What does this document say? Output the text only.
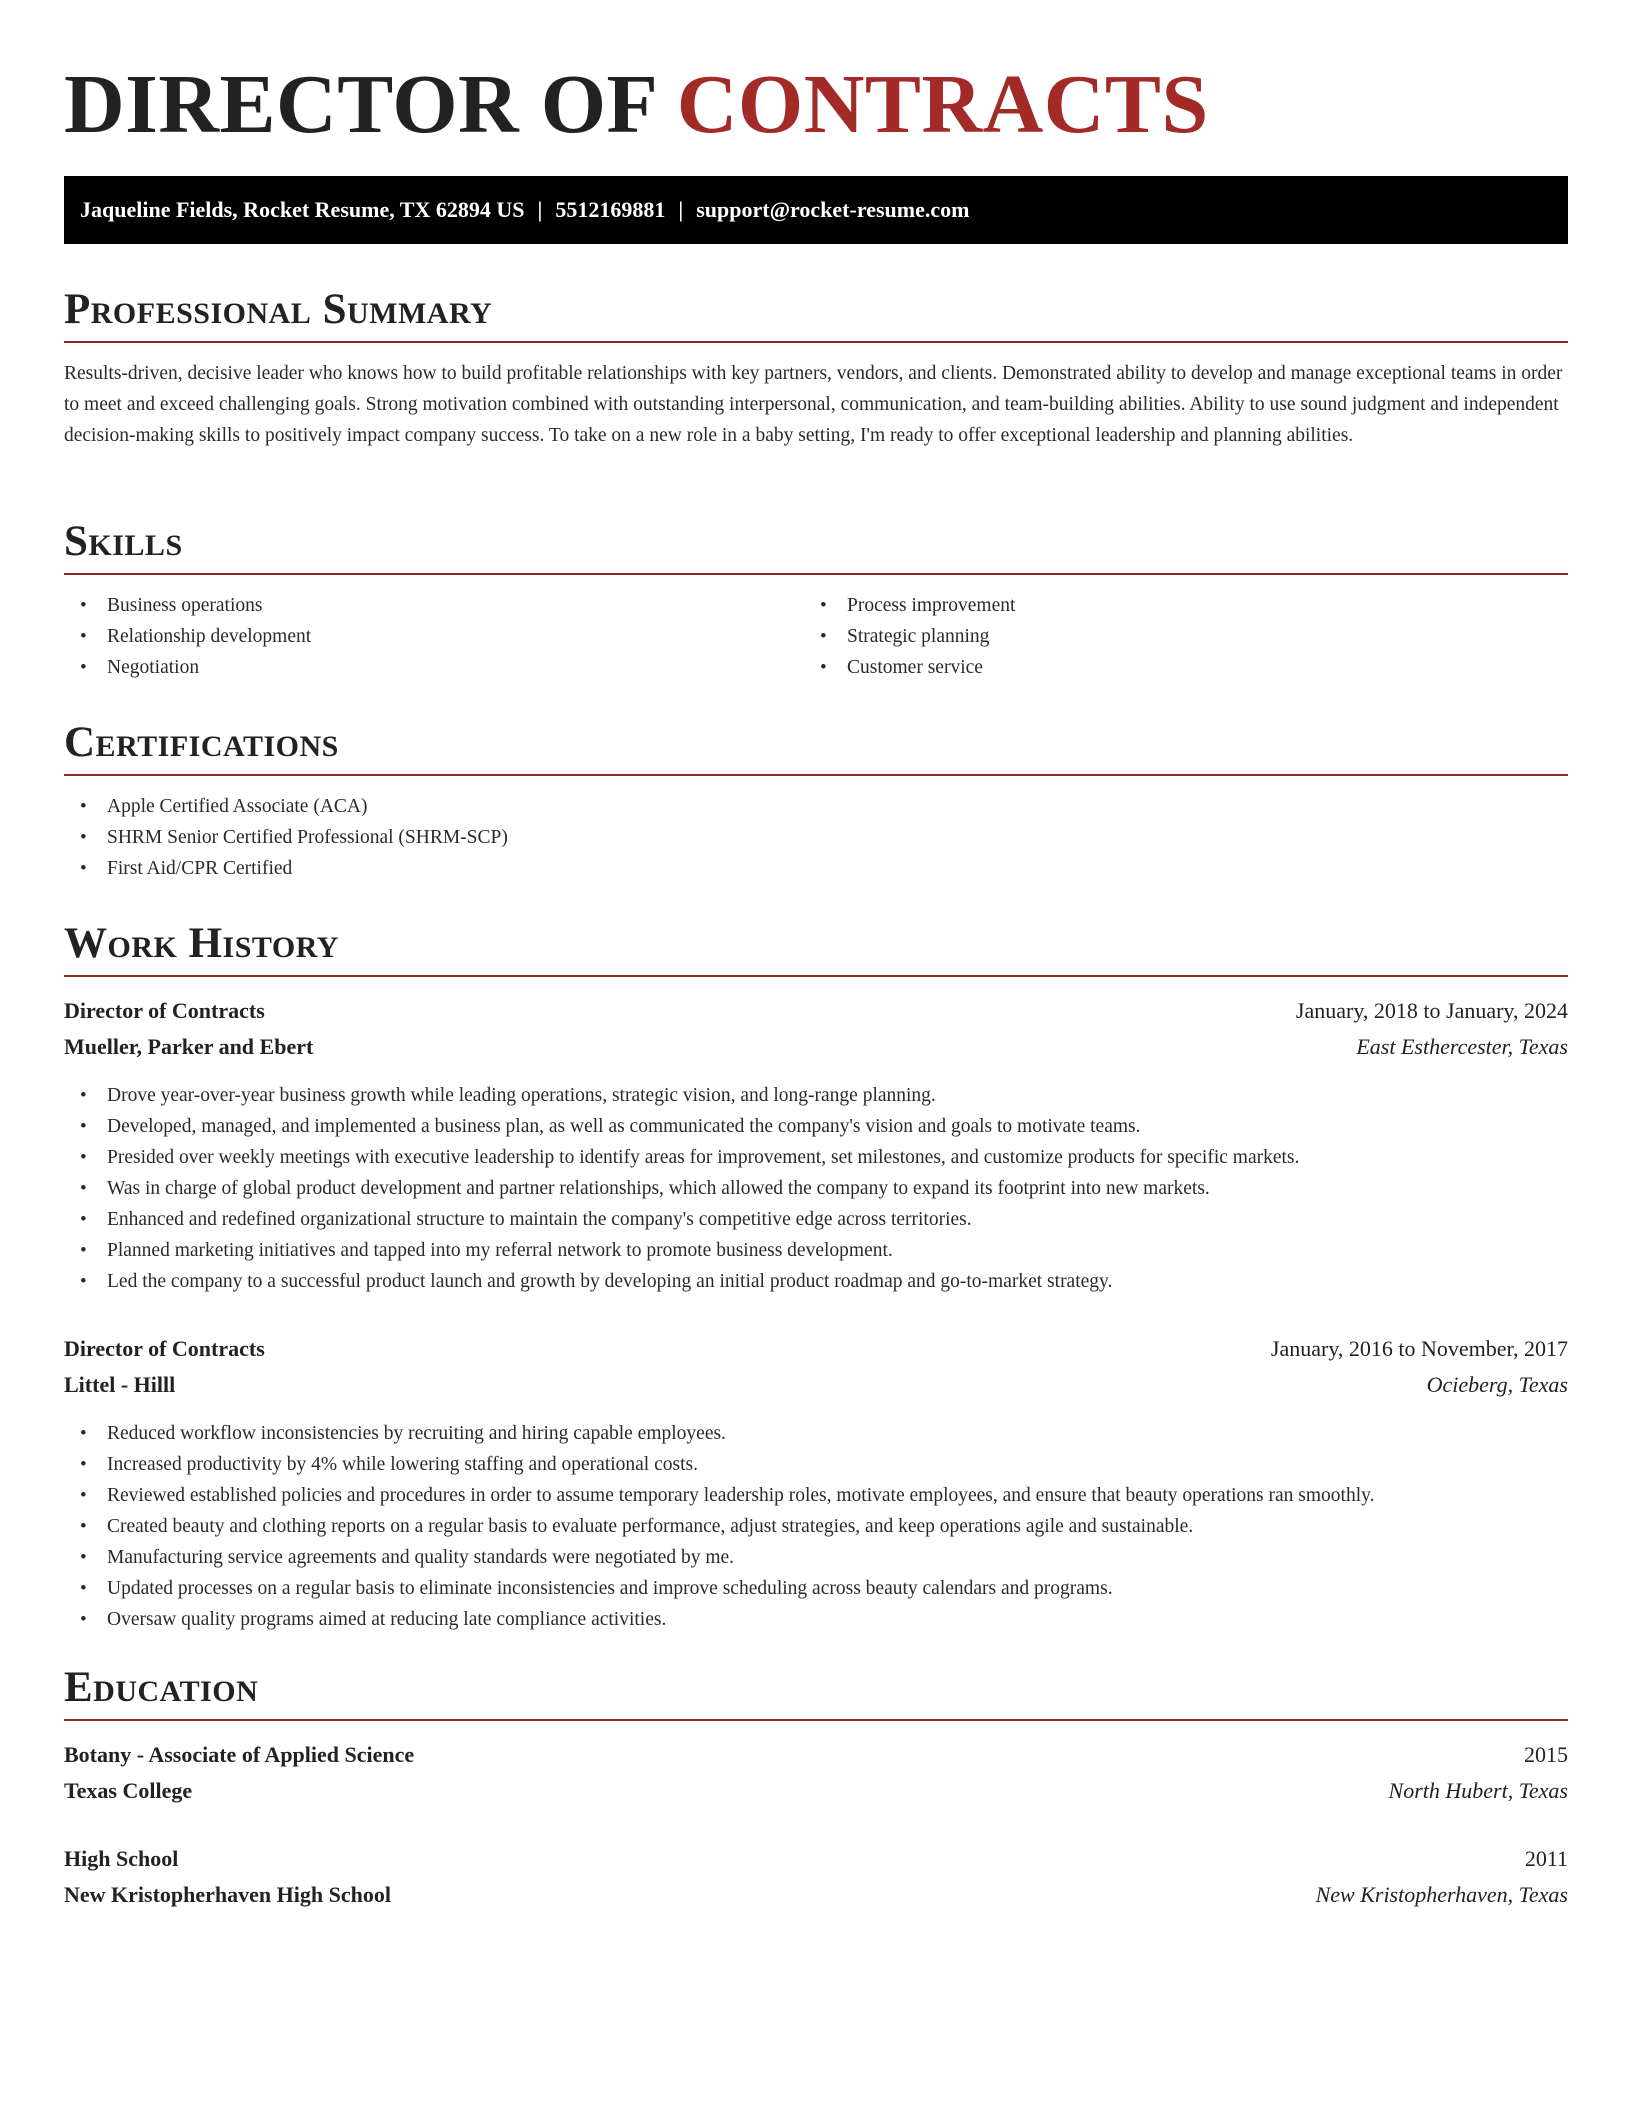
DIRECTOR OF CONTRACTS
Jaqueline Fields, Rocket Resume, TX 62894 US | 5512169881 | support@rocket-resume.com
Professional Summary

Results-driven, decisive leader who knows how to build profitable relationships with key partners, vendors, and clients. Demonstrated ability to develop and manage exceptional teams in order to meet and exceed challenging goals. Strong motivation combined with outstanding interpersonal, communication, and team-building abilities. Ability to use sound judgment and independent decision-making skills to positively impact company success. To take on a new role in a baby setting, I'm ready to offer exceptional leadership and planning abilities.

Skills
• Business operations
• Relationship development
• Negotiation
• Process improvement
• Strategic planning
• Customer service
Certifications
• Apple Certified Associate (ACA)
• SHRM Senior Certified Professional (SHRM-SCP)
• First Aid/CPR Certified
Work History
Director of Contracts	January, 2018 to January, 2024
Mueller, Parker and Ebert	East Esthercester, Texas
• Drove year-over-year business growth while leading operations, strategic vision, and long-range planning.
• Developed, managed, and implemented a business plan, as well as communicated the company's vision and goals to motivate teams.
• Presided over weekly meetings with executive leadership to identify areas for improvement, set milestones, and customize products for specific markets.
• Was in charge of global product development and partner relationships, which allowed the company to expand its footprint into new markets.
• Enhanced and redefined organizational structure to maintain the company's competitive edge across territories.
• Planned marketing initiatives and tapped into my referral network to promote business development.
• Led the company to a successful product launch and growth by developing an initial product roadmap and go-to-market strategy.
Director of Contracts	January, 2016 to November, 2017
Littel - Hilll	Ocieberg, Texas
• Reduced workflow inconsistencies by recruiting and hiring capable employees.
• Increased productivity by 4% while lowering staffing and operational costs.
• Reviewed established policies and procedures in order to assume temporary leadership roles, motivate employees, and ensure that beauty operations ran smoothly.
• Created beauty and clothing reports on a regular basis to evaluate performance, adjust strategies, and keep operations agile and sustainable.
• Manufacturing service agreements and quality standards were negotiated by me.
• Updated processes on a regular basis to eliminate inconsistencies and improve scheduling across beauty calendars and programs.
• Oversaw quality programs aimed at reducing late compliance activities.
Education
Botany - Associate of Applied Science	2015
Texas College	North Hubert, Texas
High School	2011
New Kristopherhaven High School	New Kristopherhaven, Texas
